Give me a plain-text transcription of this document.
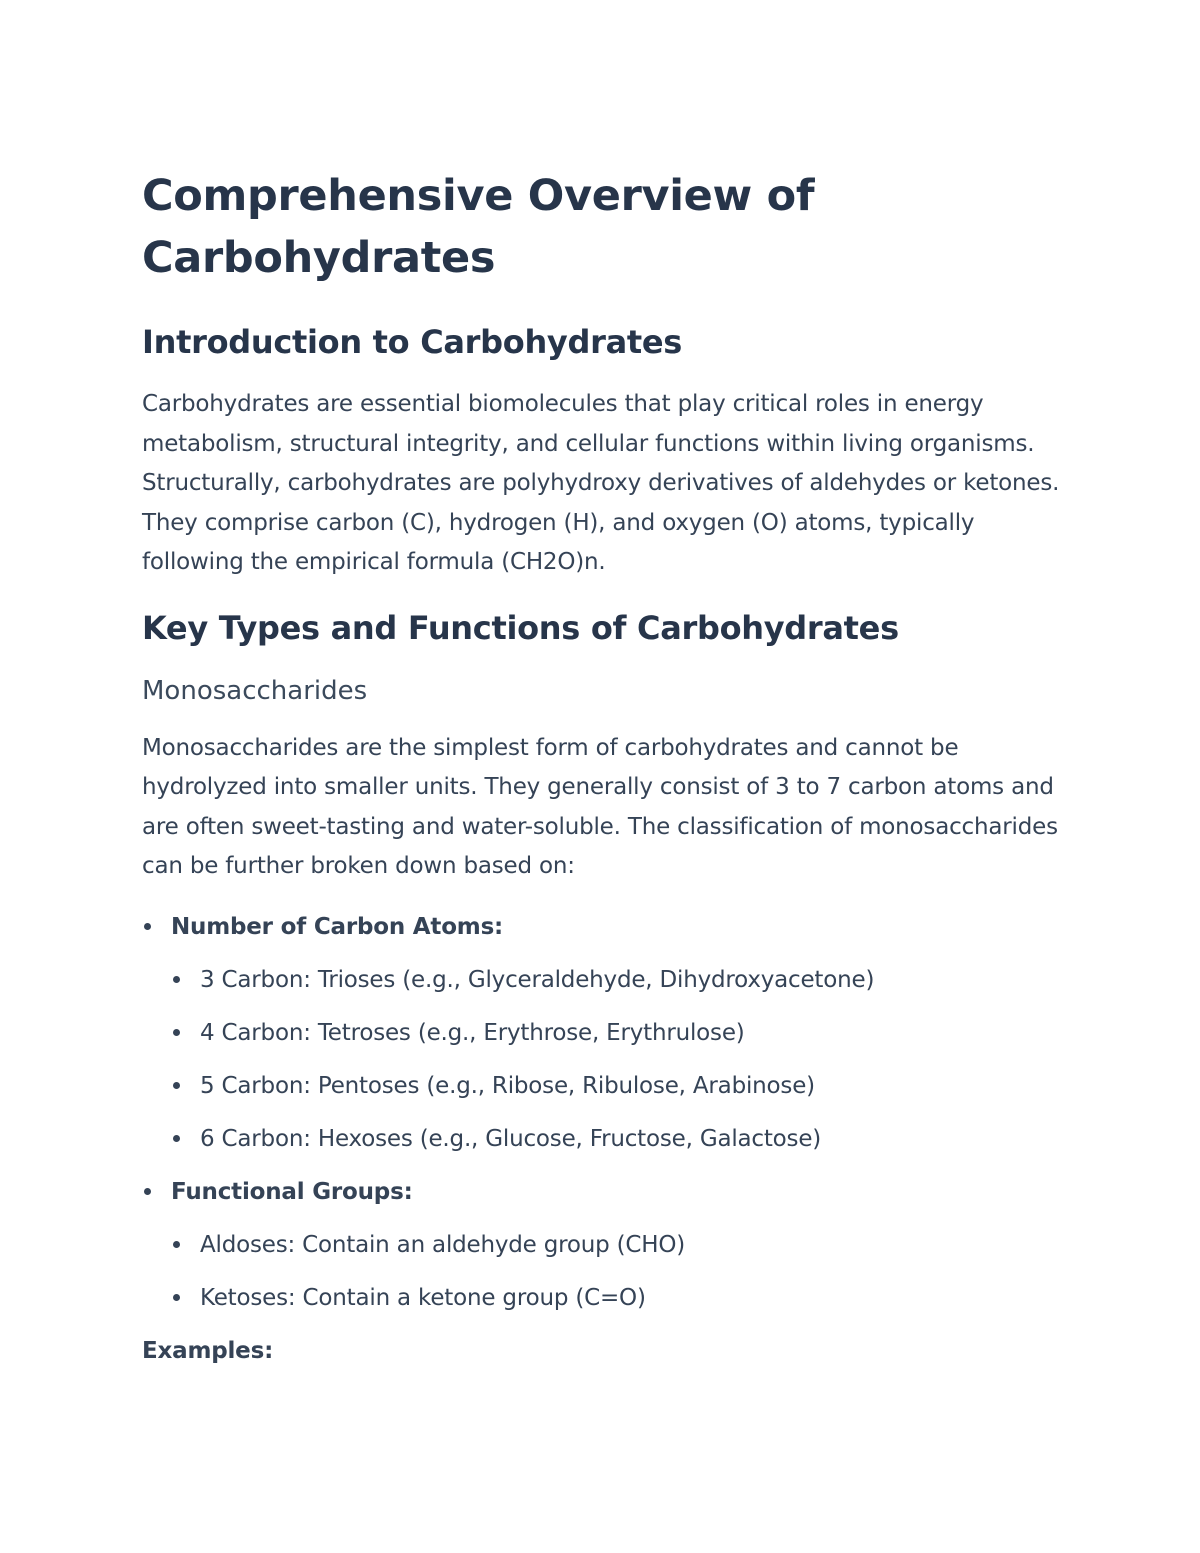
Comprehensive Overview of Carbohydrates
Introduction to Carbohydrates

Carbohydrates are essential biomolecules that play critical roles in energy metabolism, structural integrity, and cellular functions within living organisms. Structurally, carbohydrates are polyhydroxy derivatives of aldehydes or ketones. They comprise carbon (C), hydrogen (H), and oxygen (O) atoms, typically following the empirical formula (CH2O)n.

Key Types and Functions of Carbohydrates
Monosaccharides

Monosaccharides are the simplest form of carbohydrates and cannot be hydrolyzed into smaller units. They generally consist of 3 to 7 carbon atoms and are often sweet-tasting and water-soluble. The classification of monosaccharides can be further broken down based on:

Number of Carbon Atoms:
3 Carbon: Trioses (e.g., Glyceraldehyde, Dihydroxyacetone)
4 Carbon: Tetroses (e.g., Erythrose, Erythrulose)
5 Carbon: Pentoses (e.g., Ribose, Ribulose, Arabinose)
6 Carbon: Hexoses (e.g., Glucose, Fructose, Galactose)
Functional Groups:
Aldoses: Contain an aldehyde group (CHO)
Ketoses: Contain a ketone group (C=O)
Examples:
